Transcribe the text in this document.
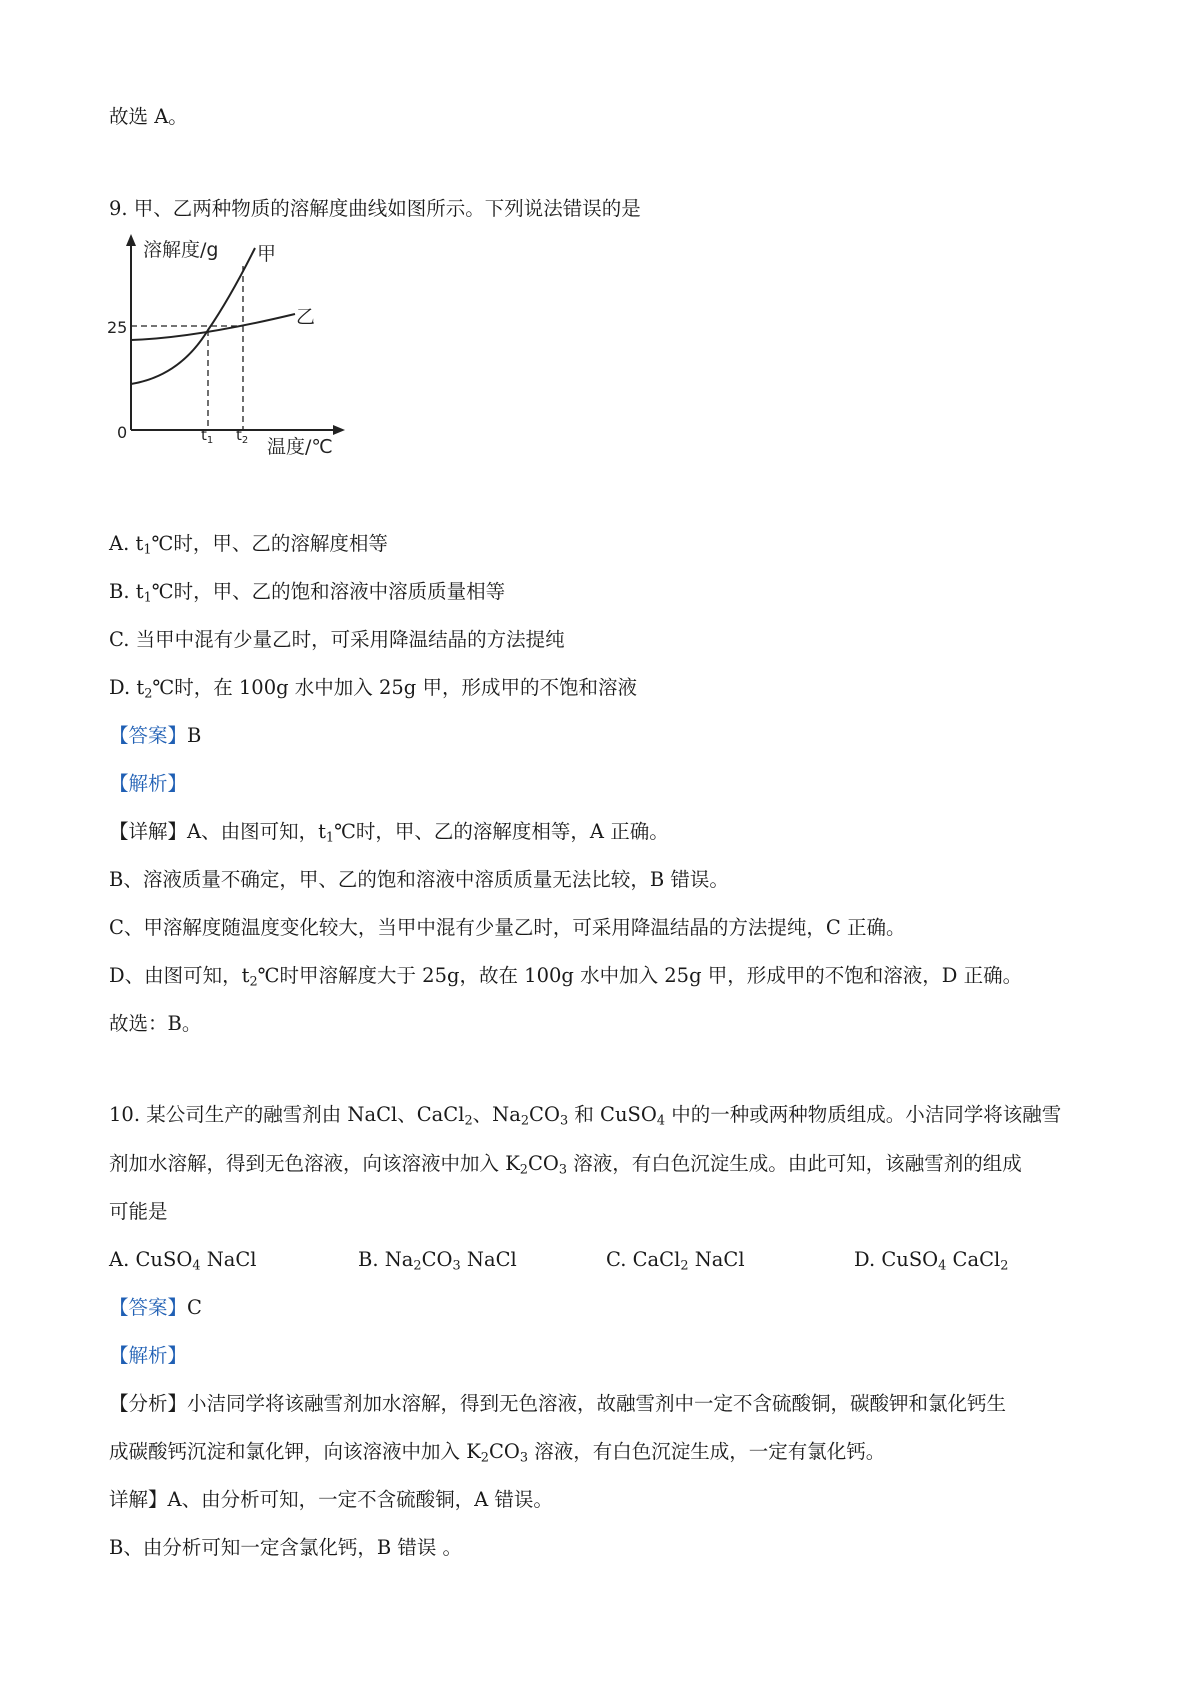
故选 A。

9. 甲、乙两种物质的溶解度曲线如图所示。下列说法错误的是

溶解度/g 甲
乙
25
0	$t_1$ $t_2$ 温度/℃

A. $t_1℃$时，甲、乙的溶解度相等

B. $t_1℃$时，甲、乙的饱和溶液中溶质质量相等

C. 当甲中混有少量乙时，可采用降温结晶的方法提纯

D. $t_2℃$时，在 100g 水中加入 25g 甲，形成甲的不饱和溶液

【答案】B

【解析】

【详解】A、由图可知，$t_1℃$时，甲、乙的溶解度相等，A 正确。

B、溶液质量不确定，甲、乙的饱和溶液中溶质质量无法比较，B 错误。

C、甲溶解度随温度变化较大，当甲中混有少量乙时，可采用降温结晶的方法提纯，C 正确。

D、由图可知，$t_2℃$时甲溶解度大于 25g，故在 100g 水中加入 25g 甲，形成甲的不饱和溶液，D 正确。

故选：B。

10. 某公司生产的融雪剂由 NaCl、CaCl$_2$、$Na_2CO_3$ 和 CuSO$_4$ 中的一种或两种物质组成。小洁同学将该融雪

剂加水溶解，得到无色溶液，向该溶液中加入 $K_2CO_3$ 溶液，有白色沉淀生成。由此可知，该融雪剂的组成

可能是

A. CuSO$_4$ NaCl	B. $Na_2CO_3$ NaCl	C. CaCl$_2$ NaCl	D. CuSO$_4$ CaCl$_2$

【答案】C

【解析】

【分析】小洁同学将该融雪剂加水溶解，得到无色溶液，故融雪剂中一定不含硫酸铜，碳酸钾和氯化钙生

成碳酸钙沉淀和氯化钾，向该溶液中加入 $K_2CO_3$ 溶液，有白色沉淀生成，一定有氯化钙。

详解】A、由分析可知，一定不含硫酸铜，A 错误。

B、由分析可知一定含氯化钙，B 错误 。
